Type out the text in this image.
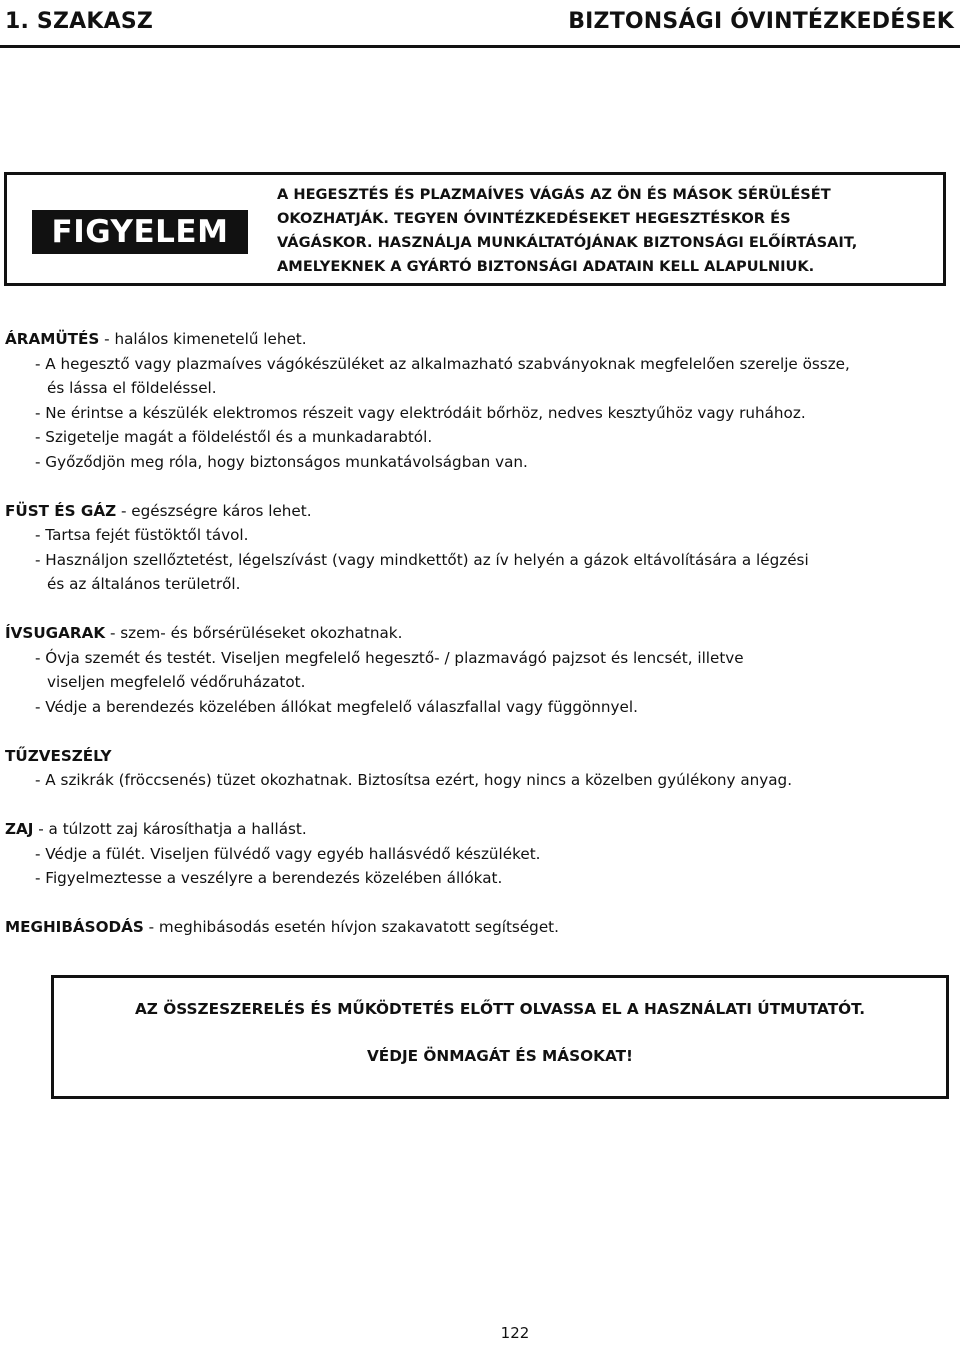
1. SZAKASZ	BIZTONSÁGI ÓVINTÉZKEDÉSEK
FIGYELEM
A HEGESZTÉS ÉS PLAZMAÍVES VÁGÁS AZ ÖN ÉS MÁSOK SÉRÜLÉSÉT
OKOZHATJÁK. TEGYEN ÓVINTÉZKEDÉSEKET HEGESZTÉSKOR ÉS
VÁGÁSKOR. HASZNÁLJA MUNKÁLTATÓJÁNAK BIZTONSÁGI ELŐÍRTÁSAIT,
AMELYEKNEK A GYÁRTÓ BIZTONSÁGI ADATAIN KELL ALAPULNIUK.
ÁRAMÜTÉS - halálos kimenetelű lehet.
- A hegesztő vagy plazmaíves vágókészüléket az alkalmazható szabványoknak megfelelően szerelje össze,
és lássa el földeléssel.
- Ne érintse a készülék elektromos részeit vagy elektródáit bőrhöz, nedves kesztyűhöz vagy ruhához.
- Szigetelje magát a földeléstől és a munkadarabtól.
- Győződjön meg róla, hogy biztonságos munkatávolságban van.
FÜST ÉS GÁZ - egészségre káros lehet.
- Tartsa fejét füstöktől távol.
- Használjon szellőztetést, légelszívást (vagy mindkettőt) az ív helyén a gázok eltávolítására a légzési
és az általános területről.
ÍVSUGARAK - szem- és bőrsérüléseket okozhatnak.
- Óvja szemét és testét. Viseljen megfelelő hegesztő- / plazmavágó pajzsot és lencsét, illetve
viseljen megfelelő védőruházatot.
- Védje a berendezés közelében állókat megfelelő válaszfallal vagy függönnyel.
TŰZVESZÉLY
- A szikrák (fröccsenés) tüzet okozhatnak. Biztosítsa ezért, hogy nincs a közelben gyúlékony anyag.
ZAJ - a túlzott zaj károsíthatja a hallást.
- Védje a fülét. Viseljen fülvédő vagy egyéb hallásvédő készüléket.
- Figyelmeztesse a veszélyre a berendezés közelében állókat.
MEGHIBÁSODÁS - meghibásodás esetén hívjon szakavatott segítséget.
AZ ÖSSZESZERELÉS ÉS MŰKÖDTETÉS ELŐTT OLVASSA EL A HASZNÁLATI ÚTMUTATÓT.
VÉDJE ÖNMAGÁT ÉS MÁSOKAT!
122
